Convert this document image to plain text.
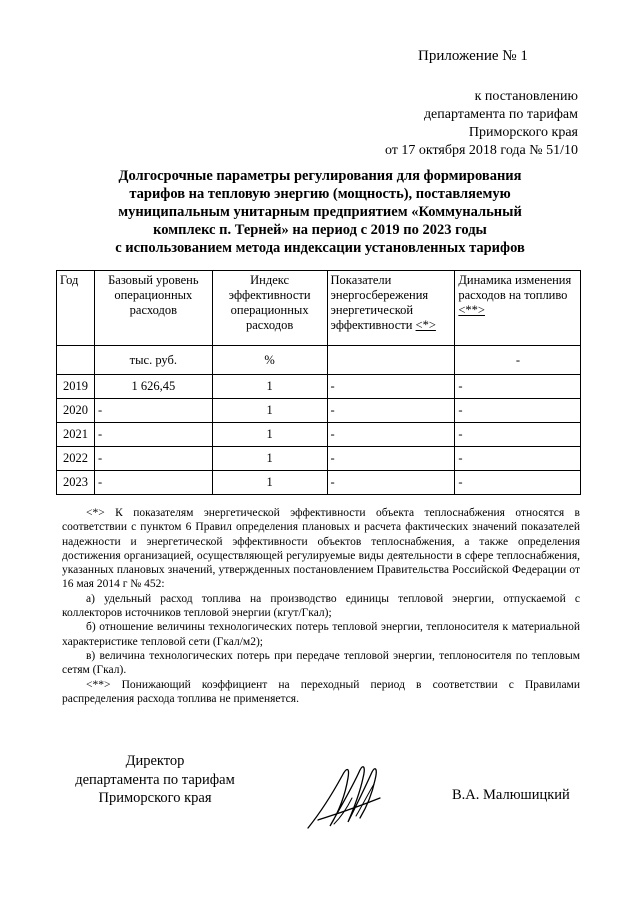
Приложение № 1
к постановлению
департамента по тарифам
Приморского края
от 17 октября 2018 года № 51/10
Долгосрочные параметры регулирования для формирования
тарифов на тепловую энергию (мощность), поставляемую
муниципальным унитарным предприятием «Коммунальный
комплекс п. Терней» на период с 2019 по 2023 годы
с использованием метода индексации установленных тарифов
Год	Базовый уровень операционных расходов	Индекс эффективности операционных расходов	Показатели энергосбережения энергетической эффективности <*>	Динамика изменения расходов на топливо <**>
	тыс. руб.	%		-
2019	1 626,45	1	-	-
2020	-	1	-	-
2021	-	1	-	-
2022	-	1	-	-
2023	-	1	-	-

<*> К показателям энергетической эффективности объекта теплоснабжения относятся в соответствии с пунктом 6 Правил определения плановых и расчета фактических значений показателей надежности и энергетической эффективности объектов теплоснабжения, а также определения достижения организацией, осуществляющей регулируемые виды деятельности в сфере теплоснабжения, указанных плановых значений, утвержденных постановлением Правительства Российской Федерации от 16 мая 2014 г № 452:

а) удельный расход топлива на производство единицы тепловой энергии, отпускаемой с коллекторов источников тепловой энергии (кгут/Гкал);

б) отношение величины технологических потерь тепловой энергии, теплоносителя к материальной характеристике тепловой сети (Гкал/м2);

в) величина технологических потерь при передаче тепловой энергии, теплоносителя по тепловым сетям (Гкал).

<**> Понижающий коэффициент на переходный период в соответствии с Правилами распределения расхода топлива не применяется.

Директор
департамента по тарифам
Приморского края	В.А. Малюшицкий
